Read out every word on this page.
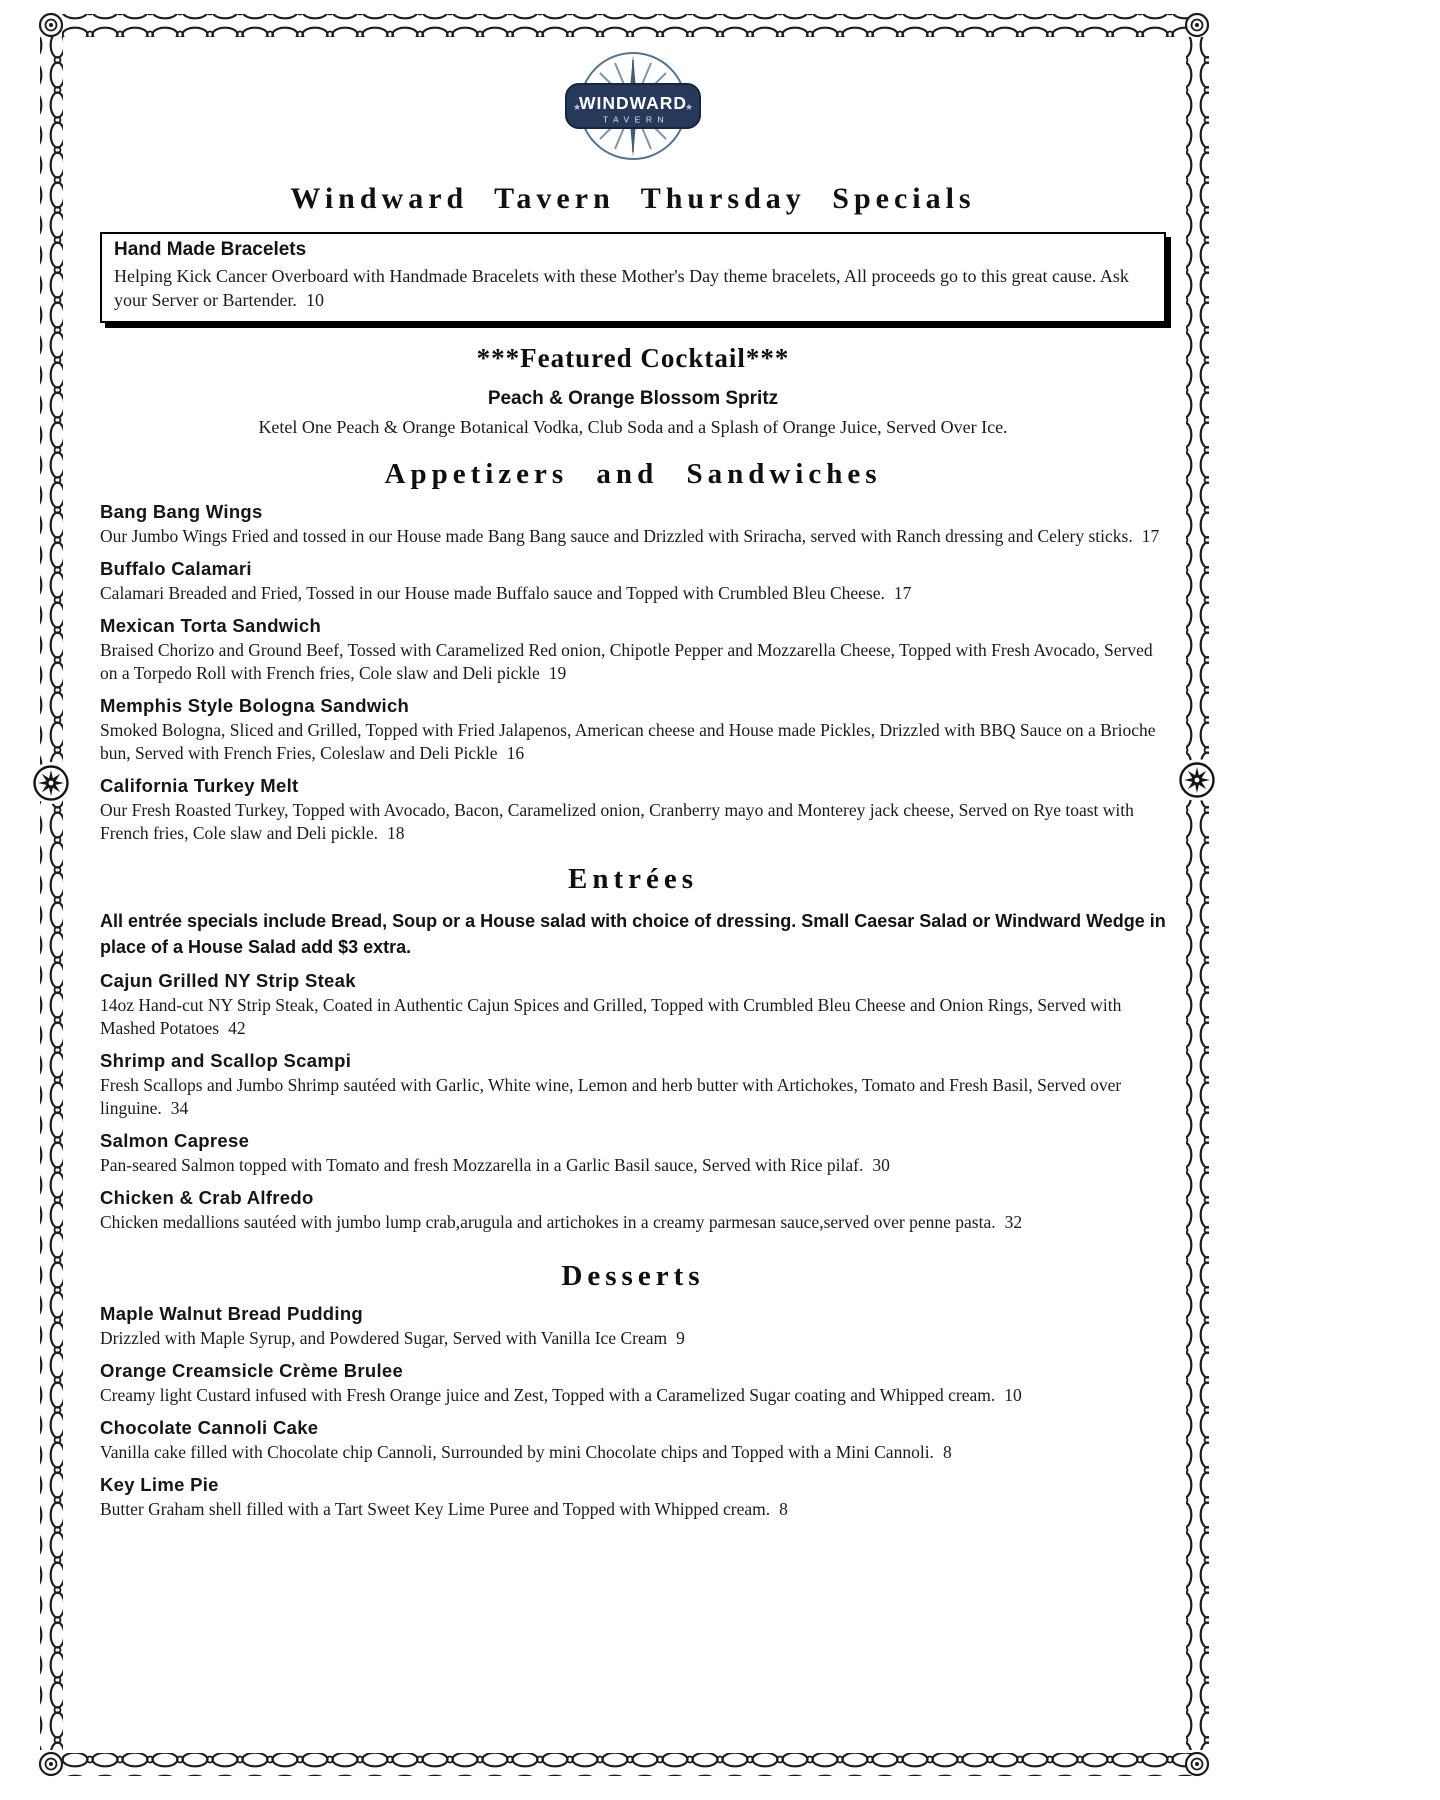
WINDWARD
TAVERN
★	★
Windward Tavern Thursday Specials
Hand Made Bracelets
Helping Kick Cancer Overboard with Handmade Bracelets with these Mother's Day theme bracelets, All proceeds go to this great cause. Ask your Server or Bartender. 10
***Featured Cocktail***
Peach & Orange Blossom Spritz
Ketel One Peach & Orange Botanical Vodka, Club Soda and a Splash of Orange Juice, Served Over Ice.
Appetizers and Sandwiches
Bang Bang Wings
Our Jumbo Wings Fried and tossed in our House made Bang Bang sauce and Drizzled with Sriracha, served with Ranch dressing and Celery sticks. 17
Buffalo Calamari
Calamari Breaded and Fried, Tossed in our House made Buffalo sauce and Topped with Crumbled Bleu Cheese. 17
Mexican Torta Sandwich
Braised Chorizo and Ground Beef, Tossed with Caramelized Red onion, Chipotle Pepper and Mozzarella Cheese, Topped with Fresh Avocado, Served on a Torpedo Roll with French fries, Cole slaw and Deli pickle 19
Memphis Style Bologna Sandwich
Smoked Bologna, Sliced and Grilled, Topped with Fried Jalapenos, American cheese and House made Pickles, Drizzled with BBQ Sauce on a Brioche bun, Served with French Fries, Coleslaw and Deli Pickle 16
California Turkey Melt
Our Fresh Roasted Turkey, Topped with Avocado, Bacon, Caramelized onion, Cranberry mayo and Monterey jack cheese, Served on Rye toast with French fries, Cole slaw and Deli pickle. 18
Entrées
All entrée specials include Bread, Soup or a House salad with choice of dressing. Small Caesar Salad or Windward Wedge in place of a House Salad add $3 extra.
Cajun Grilled NY Strip Steak
14oz Hand-cut NY Strip Steak, Coated in Authentic Cajun Spices and Grilled, Topped with Crumbled Bleu Cheese and Onion Rings, Served with Mashed Potatoes 42
Shrimp and Scallop Scampi
Fresh Scallops and Jumbo Shrimp sautéed with Garlic, White wine, Lemon and herb butter with Artichokes, Tomato and Fresh Basil, Served over linguine. 34
Salmon Caprese
Pan-seared Salmon topped with Tomato and fresh Mozzarella in a Garlic Basil sauce, Served with Rice pilaf. 30
Chicken & Crab Alfredo
Chicken medallions sautéed with jumbo lump crab,arugula and artichokes in a creamy parmesan sauce,served over penne pasta. 32
Desserts
Maple Walnut Bread Pudding
Drizzled with Maple Syrup, and Powdered Sugar, Served with Vanilla Ice Cream 9
Orange Creamsicle Crème Brulee
Creamy light Custard infused with Fresh Orange juice and Zest, Topped with a Caramelized Sugar coating and Whipped cream. 10
Chocolate Cannoli Cake
Vanilla cake filled with Chocolate chip Cannoli, Surrounded by mini Chocolate chips and Topped with a Mini Cannoli. 8
Key Lime Pie
Butter Graham shell filled with a Tart Sweet Key Lime Puree and Topped with Whipped cream. 8
